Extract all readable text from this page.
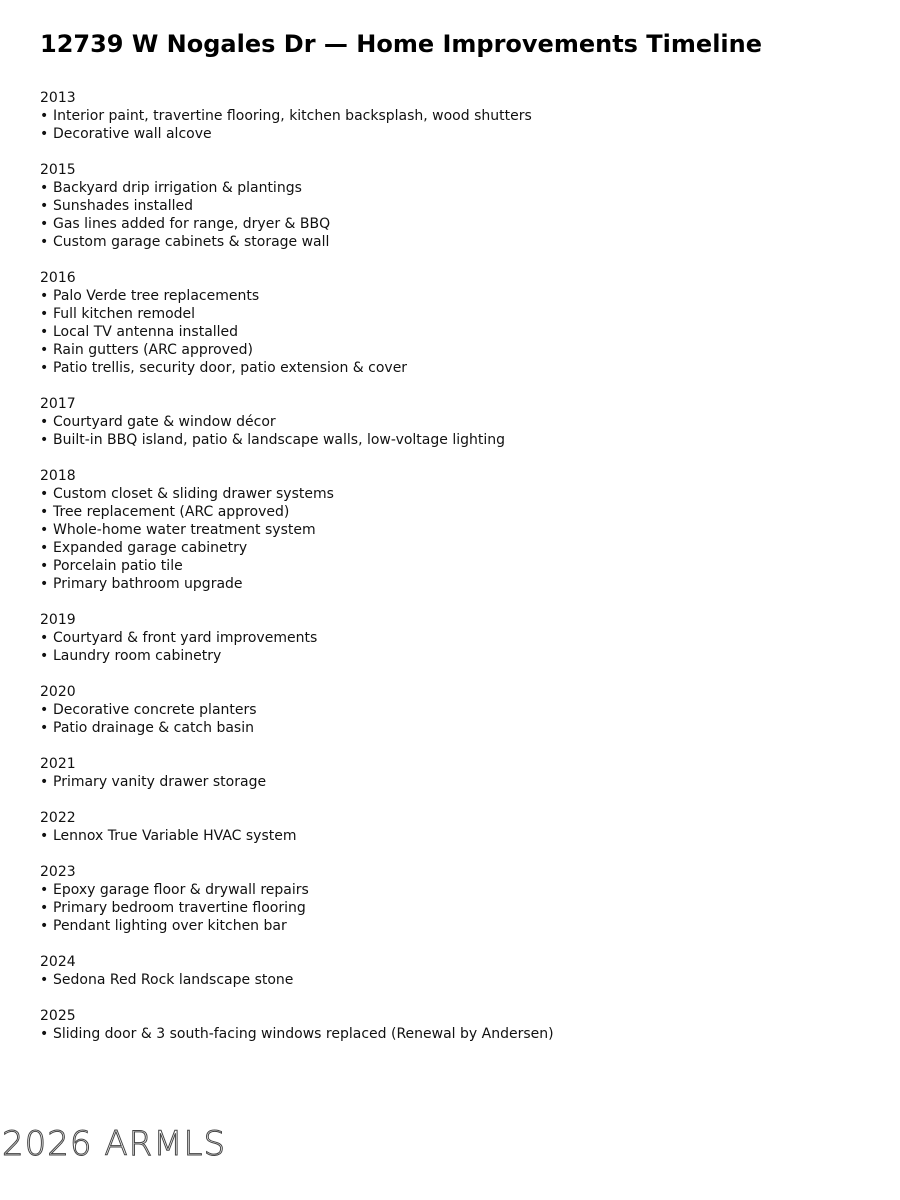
12739 W Nogales Dr — Home Improvements Timeline
2013
• Interior paint, travertine flooring, kitchen backsplash, wood shutters
• Decorative wall alcove
2015
• Backyard drip irrigation & plantings
• Sunshades installed
• Gas lines added for range, dryer & BBQ
• Custom garage cabinets & storage wall
2016
• Palo Verde tree replacements
• Full kitchen remodel
• Local TV antenna installed
• Rain gutters (ARC approved)
• Patio trellis, security door, patio extension & cover
2017
• Courtyard gate & window décor
• Built-in BBQ island, patio & landscape walls, low-voltage lighting
2018
• Custom closet & sliding drawer systems
• Tree replacement (ARC approved)
• Whole-home water treatment system
• Expanded garage cabinetry
• Porcelain patio tile
• Primary bathroom upgrade
2019
• Courtyard & front yard improvements
• Laundry room cabinetry
2020
• Decorative concrete planters
• Patio drainage & catch basin
2021
• Primary vanity drawer storage
2022
• Lennox True Variable HVAC system
2023
• Epoxy garage floor & drywall repairs
• Primary bedroom travertine flooring
• Pendant lighting over kitchen bar
2024
• Sedona Red Rock landscape stone
2025
• Sliding door & 3 south-facing windows replaced (Renewal by Andersen)
2026 ARMLS
